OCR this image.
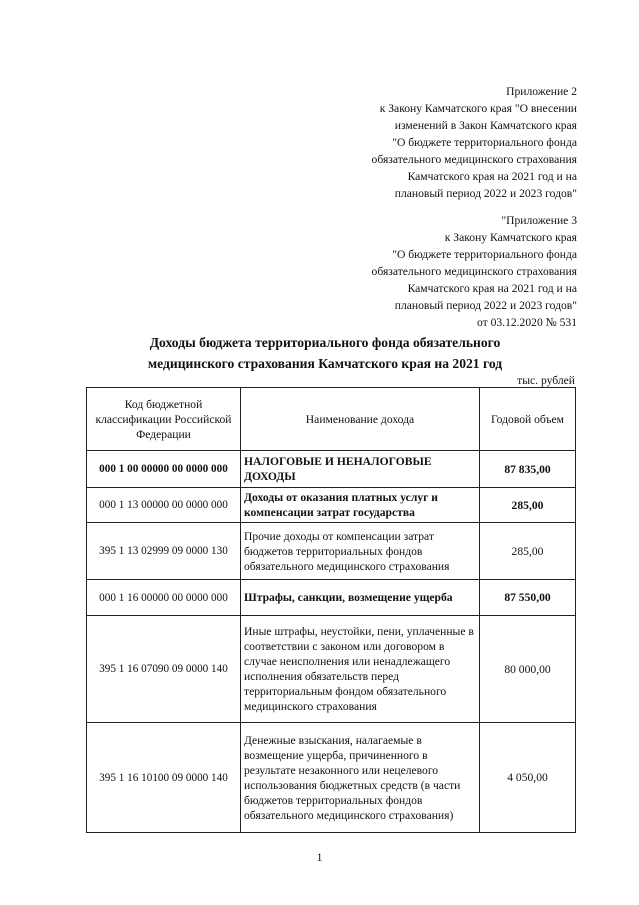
Приложение 2
к Закону Камчатского края "О внесении
изменений в Закон Камчатского края
"О бюджете территориального фонда
обязательного медицинского страхования
Камчатского края на 2021 год и на
плановый период 2022 и 2023 годов"
"Приложение 3
к Закону Камчатского края
"О бюджете территориального фонда
обязательного медицинского страхования
Камчатского края на 2021 год и на
плановый период 2022 и 2023 годов"
от 03.12.2020 № 531
Доходы бюджета территориального фонда обязательного
медицинского страхования Камчатского края на 2021 год
тыс. рублей
Код бюджетной классификации Российской Федерации	Наименование дохода	Годовой объем
000 1 00 00000 00 0000 000	НАЛОГОВЫЕ И НЕНАЛОГОВЫЕ ДОХОДЫ	87 835,00
000 1 13 00000 00 0000 000	Доходы от оказания платных услуг и компенсации затрат государства	285,00
395 1 13 02999 09 0000 130	Прочие доходы от компенсации затрат бюджетов территориальных фондов обязательного медицинского страхования	285,00
000 1 16 00000 00 0000 000	Штрафы, санкции, возмещение ущерба	87 550,00
395 1 16 07090 09 0000 140	Иные штрафы, неустойки, пени, уплаченные в соответствии с законом или договором в случае неисполнения или ненадлежащего исполнения обязательств перед территориальным фондом обязательного медицинского страхования	80 000,00
395 1 16 10100 09 0000 140	Денежные взыскания, налагаемые в возмещение ущерба, причиненного в результате незаконного или нецелевого использования бюджетных средств (в части бюджетов территориальных фондов обязательного медицинского страхования)	4 050,00
1
